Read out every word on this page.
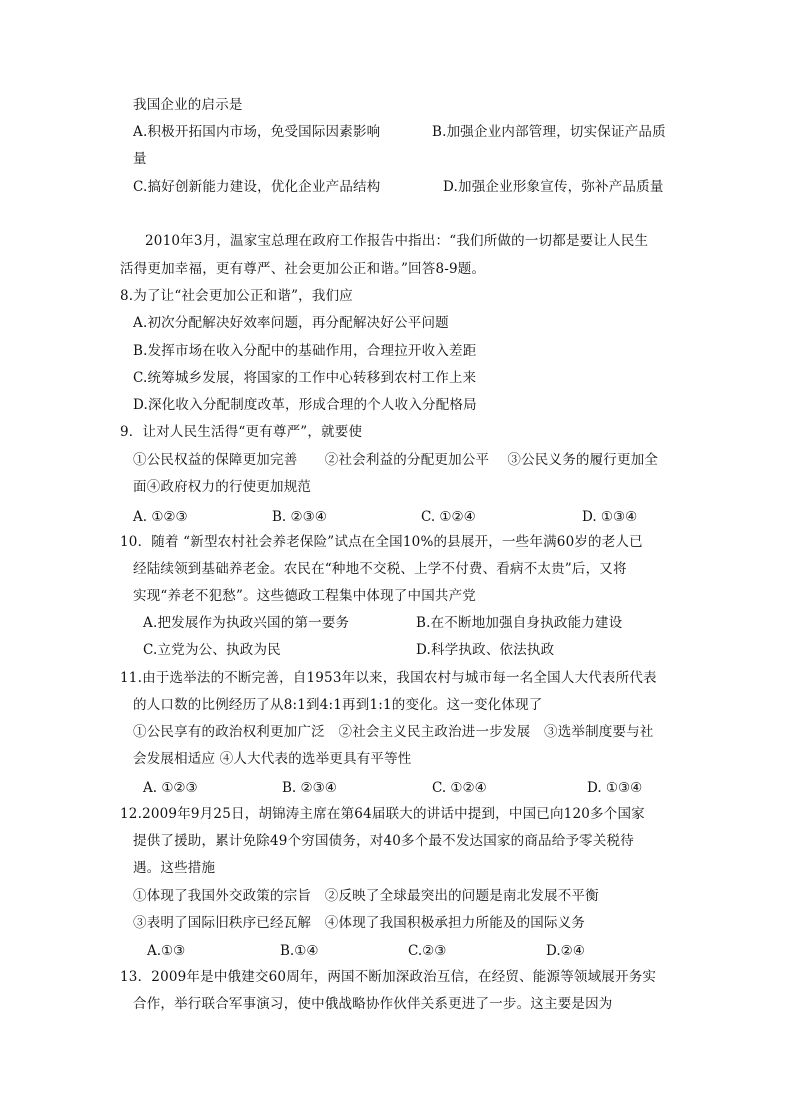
我国企业的启示是
A.积极开拓国内市场，免受国际因素影响	B.加强企业内部管理，切实保证产品质
量
C.搞好创新能力建设，优化企业产品结构	D.加强企业形象宣传，弥补产品质量
2010年3月，温家宝总理在政府工作报告中指出：“我们所做的一切都是要让人民生
活得更加幸福，更有尊严、社会更加公正和谐。”回答8-9题。
8.为了让“社会更加公正和谐”，我们应
A.初次分配解决好效率问题，再分配解决好公平问题
B.发挥市场在收入分配中的基础作用，合理拉开收入差距
C.统筹城乡发展，将国家的工作中心转移到农村工作上来
D.深化收入分配制度改革，形成合理的个人收入分配格局
9．让对人民生活得“更有尊严”，就要使
①公民权益的保障更加完善　　②社会利益的分配更加公平　 ③公民义务的履行更加全
面④政府权力的行使更加规范
A. ①②③	B. ②③④	C. ①②④	D. ①③④
10．随着 “新型农村社会养老保险”试点在全国10%的县展开，一些年满60岁的老人已
经陆续领到基础养老金。农民在“种地不交税、上学不付费、看病不太贵”后，又将
实现“养老不犯愁”。这些德政工程集中体现了中国共产党
A.把发展作为执政兴国的第一要务	B.在不断地加强自身执政能力建设
C.立党为公、执政为民	D.科学执政、依法执政
11.由于选举法的不断完善，自1953年以来，我国农村与城市每一名全国人大代表所代表
的人口数的比例经历了从8:1到4:1再到1:1的变化。这一变化体现了
①公民享有的政治权利更加广泛　②社会主义民主政治进一步发展　③选举制度要与社
会发展相适应 ④人大代表的选举更具有平等性
A. ①②③	B. ②③④	C. ①②④	D. ①③④
12.2009年9月25日，胡锦涛主席在第64届联大的讲话中提到，中国已向120多个国家
提供了援助，累计免除49个穷国债务，对40多个最不发达国家的商品给予零关税待
遇。这些措施
①体现了我国外交政策的宗旨　②反映了全球最突出的问题是南北发展不平衡
③表明了国际旧秩序已经瓦解　④体现了我国积极承担力所能及的国际义务
A.①③	B.①④	C.②③	D.②④
13．2009年是中俄建交60周年，两国不断加深政治互信，在经贸、能源等领域展开务实
合作，举行联合军事演习，使中俄战略协作伙伴关系更进了一步。这主要是因为
